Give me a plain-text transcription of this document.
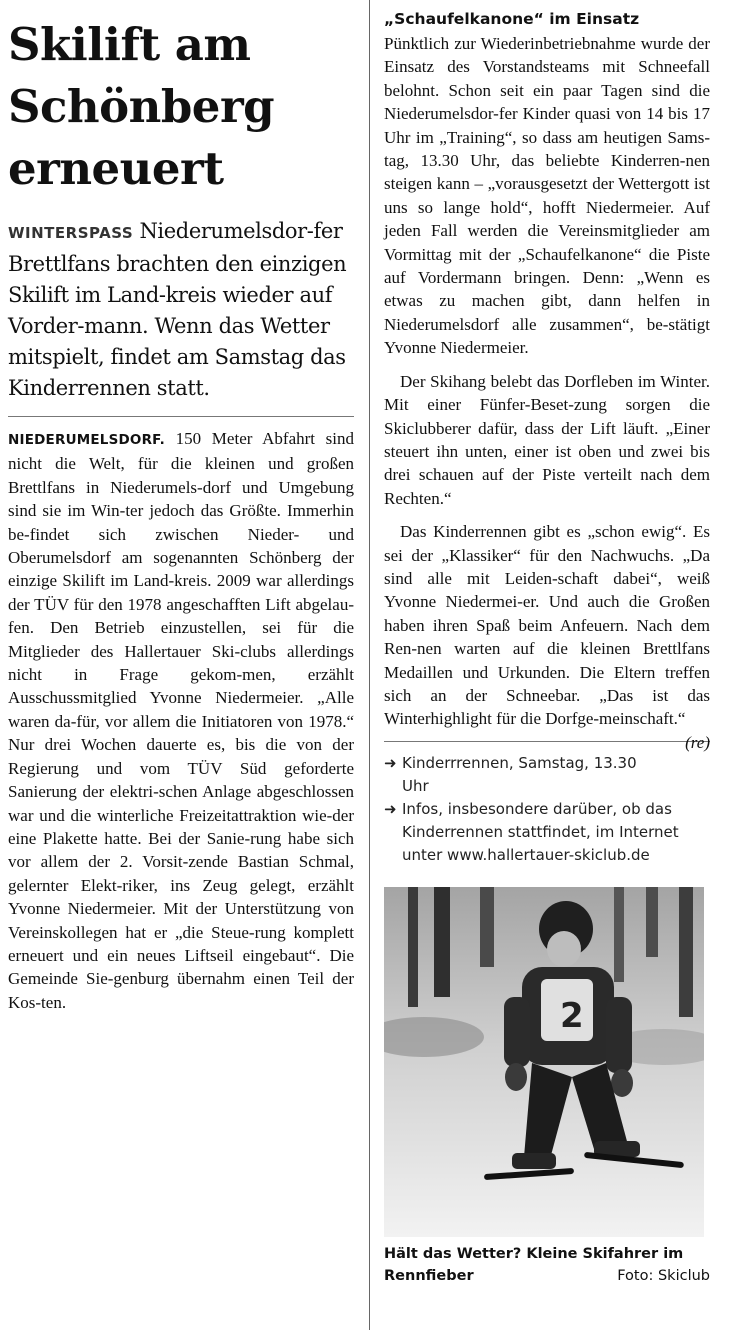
Skilift am
Schönberg
erneuert

WINTERSPASS Niederumelsdor-fer Brettlfans brachten den einzigen Skilift im Land-kreis wieder auf Vorder-mann. Wenn das Wetter mitspielt, findet am Samstag das Kinderrennen statt.

NIEDERUMELSDORF. 150 Meter Abfahrt sind nicht die Welt, für die kleinen und großen Brettlfans in Niederumels-dorf und Umgebung sind sie im Win-ter jedoch das Größte. Immerhin be-findet sich zwischen Nieder- und Oberumelsdorf am sogenannten Schönberg der einzige Skilift im Land-kreis. 2009 war allerdings der TÜV für den 1978 angeschafften Lift abgelau-fen. Den Betrieb einzustellen, sei für die Mitglieder des Hallertauer Ski-clubs allerdings nicht in Frage gekom-men, erzählt Ausschussmitglied Yvonne Niedermeier. „Alle waren da-für, vor allem die Initiatoren von 1978.“ Nur drei Wochen dauerte es, bis die von der Regierung und vom TÜV Süd geforderte Sanierung der elektri-schen Anlage abgeschlossen war und die winterliche Freizeitattraktion wie-der eine Plakette hatte. Bei der Sanie-rung habe sich vor allem der 2. Vorsit-zende Bastian Schmal, gelernter Elekt-riker, ins Zeug gelegt, erzählt Yvonne Niedermeier. Mit der Unterstützung von Vereinskollegen hat er „die Steue-rung komplett erneuert und ein neues Liftseil eingebaut“. Die Gemeinde Sie-genburg übernahm einen Teil der Kos-ten.

„Schaufelkanone“ im Einsatz

Pünktlich zur Wiederinbetriebnahme wurde der Einsatz des Vorstandsteams mit Schneefall belohnt. Schon seit ein paar Tagen sind die Niederumelsdor-fer Kinder quasi von 14 bis 17 Uhr im „Training“, so dass am heutigen Sams-tag, 13.30 Uhr, das beliebte Kinderren-nen steigen kann – „vorausgesetzt der Wettergott ist uns so lange hold“, hofft Niedermeier. Auf jeden Fall werden die Vereinsmitglieder am Vormittag mit der „Schaufelkanone“ die Piste auf Vordermann bringen. Denn: „Wenn es etwas zu machen gibt, dann helfen in Niederumelsdorf alle zusammen“, be-stätigt Yvonne Niedermeier.

Der Skihang belebt das Dorfleben im Winter. Mit einer Fünfer-Beset-zung sorgen die Skiclubberer dafür, dass der Lift läuft. „Einer steuert ihn unten, einer ist oben und zwei bis drei schauen auf der Piste verteilt nach dem Rechten.“

Das Kinderrennen gibt es „schon ewig“. Es sei der „Klassiker“ für den Nachwuchs. „Da sind alle mit Leiden-schaft dabei“, weiß Yvonne Niedermei-er. Und auch die Großen haben ihren Spaß beim Anfeuern. Nach dem Ren-nen warten auf die kleinen Brettlfans Medaillen und Urkunden. Die Eltern treffen sich an der Schneebar. „Das ist das Winterhighlight für die Dorfge-meinschaft.“
(re)

➜ Kinderrrennen, Samstag, 13.30 Uhr
➜ Infos, insbesondere darüber, ob das Kinderrennen stattfindet, im Internet unter www.hallertauer-skiclub.de
2
Hält das Wetter? Kleine Skifahrer im Rennfieber	Foto: Skiclub
